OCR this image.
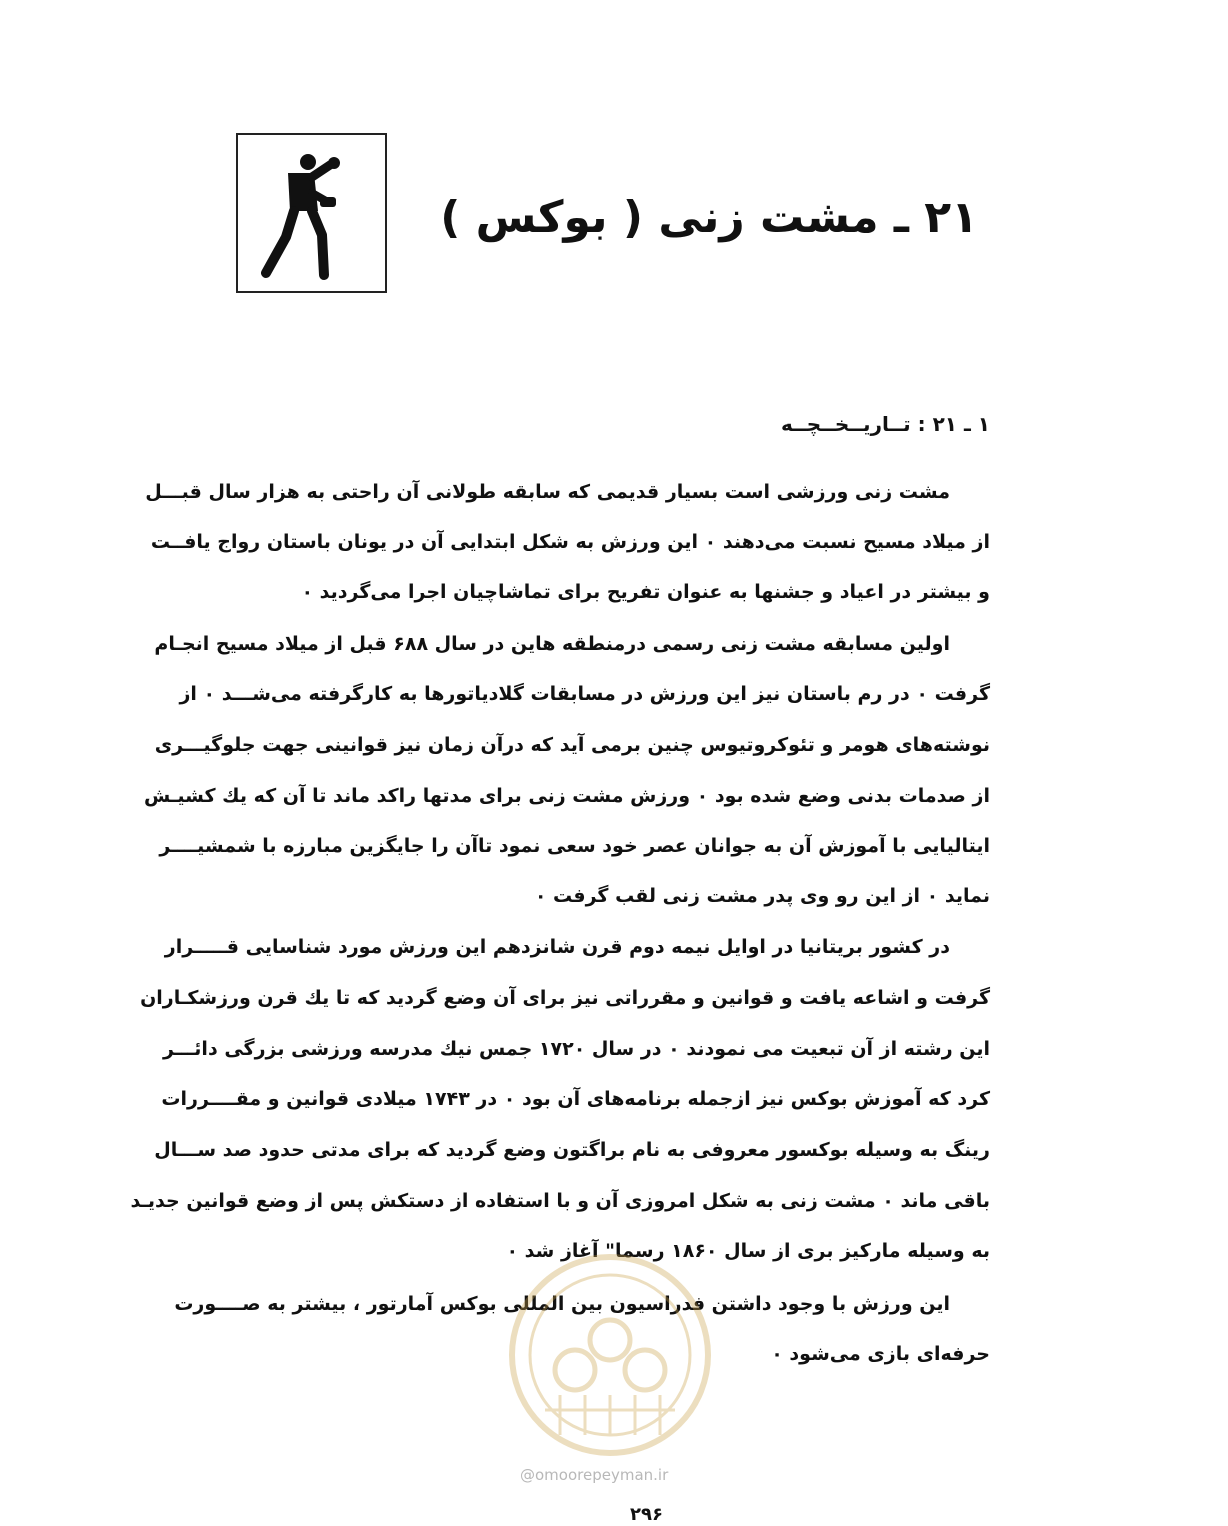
۲۱ ـ مشت زنی ( بوکس )
۱ ـ ۲۱ : تــاریــخــچــه
مشت زنی ورزشی است بسیار قدیمی که سابقه طولانی آن راحتی به هزار سال قبـــل
از میلاد مسیح نسبت می‌دهند ۰ این ورزش به شکل ابتدایی آن در یونان باستان رواج یافــت
و بیشتر در اعیاد و جشنها به عنوان تفریح برای تماشاچیان اجرا می‌گردید ۰
اولین مسابقه مشت زنی رسمی درمنطقه هاین در سال ۶۸۸ قبل از میلاد مسیح انجـام
گرفت ۰ در رم باستان نیز این ورزش در مسابقات گلادیاتورها به کارگرفته می‌شـــد ۰ از
نوشته‌های هومر و تئوکروتیوس چنین برمی آید که درآن زمان نیز قوانینی جهت جلوگیـــری
از صدمات بدنی وضع شده بود ۰ ورزش مشت زنی برای مدتها راکد ماند تا آن که یك کشیـش
ایتالیایی با آموزش آن به جوانان عصر خود سعی نمود تاآن را جایگزین مبارزه با شمشیــــر
نماید ۰ از این رو وی پدر مشت زنی لقب گرفت ۰
در کشور بریتانیا در اوایل نیمه دوم قرن شانزدهم این ورزش مورد شناسایی قـــــرار
گرفت و اشاعه یافت و قوانین و مقرراتی نیز برای آن وضع گردید که تا یك قرن ورزشکـاران
این رشته از آن تبعیت می نمودند ۰ در سال ۱۷۲۰ جمس نیك مدرسه ورزشی بزرگی دائـــر
کرد که آموزش بوکس نیز ازجمله برنامه‌های آن بود ۰ در ۱۷۴۳ میلادی قوانین و مقــــررات
رینگ به وسیله بوکسور معروفی به نام براگتون وضع گردید که برای مدتی حدود صد ســـال
باقی ماند ۰ مشت زنی به شکل امروزی آن و با استفاده از دستکش پس از وضع قوانین جدیـد
به وسیله مارکیز بری از سال ۱۸۶۰ رسما" آغاز شد ۰
این ورزش با وجود داشتن فدراسیون بین المللی بوکس آمارتور ، بیشتر به صــــورت
حرفه‌ای بازی می‌شود ۰
@omoorepeyman.ir
۲۹۶
